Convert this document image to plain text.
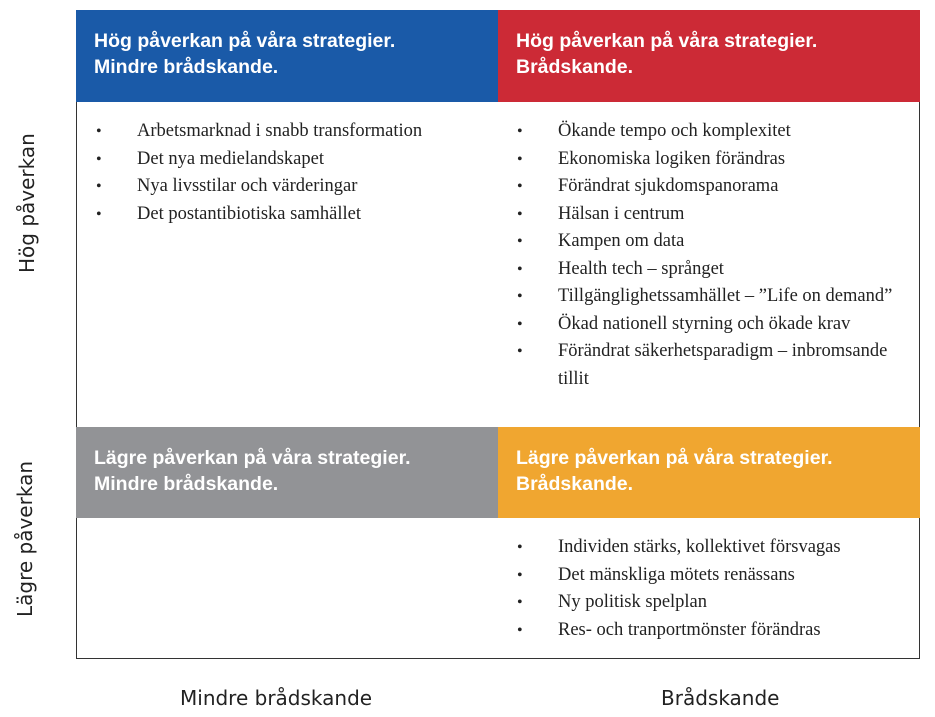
Hög påverkan
Lägre påverkan
Hög påverkan på våra strategier.
Mindre brådskande.
Hög påverkan på våra strategier.
Brådskande.
Lägre påverkan på våra strategier.
Mindre brådskande.
Lägre påverkan på våra strategier.
Brådskande.
• Arbetsmarknad i snabb transformation
• Det nya medielandskapet
• Nya livsstilar och värderingar
• Det postantibiotiska samhället
• Ökande tempo och komplexitet
• Ekonomiska logiken förändras
• Förändrat sjukdomspanorama
• Hälsan i centrum
• Kampen om data
• Health tech – språnget
• Tillgänglighetssamhället – ”Life on demand”
• Ökad nationell styrning och ökade krav
• Förändrat säkerhetsparadigm – inbromsande tillit
• Individen stärks, kollektivet försvagas
• Det mänskliga mötets renässans
• Ny politisk spelplan
• Res- och tranportmönster förändras
Mindre brådskande	Brådskande
